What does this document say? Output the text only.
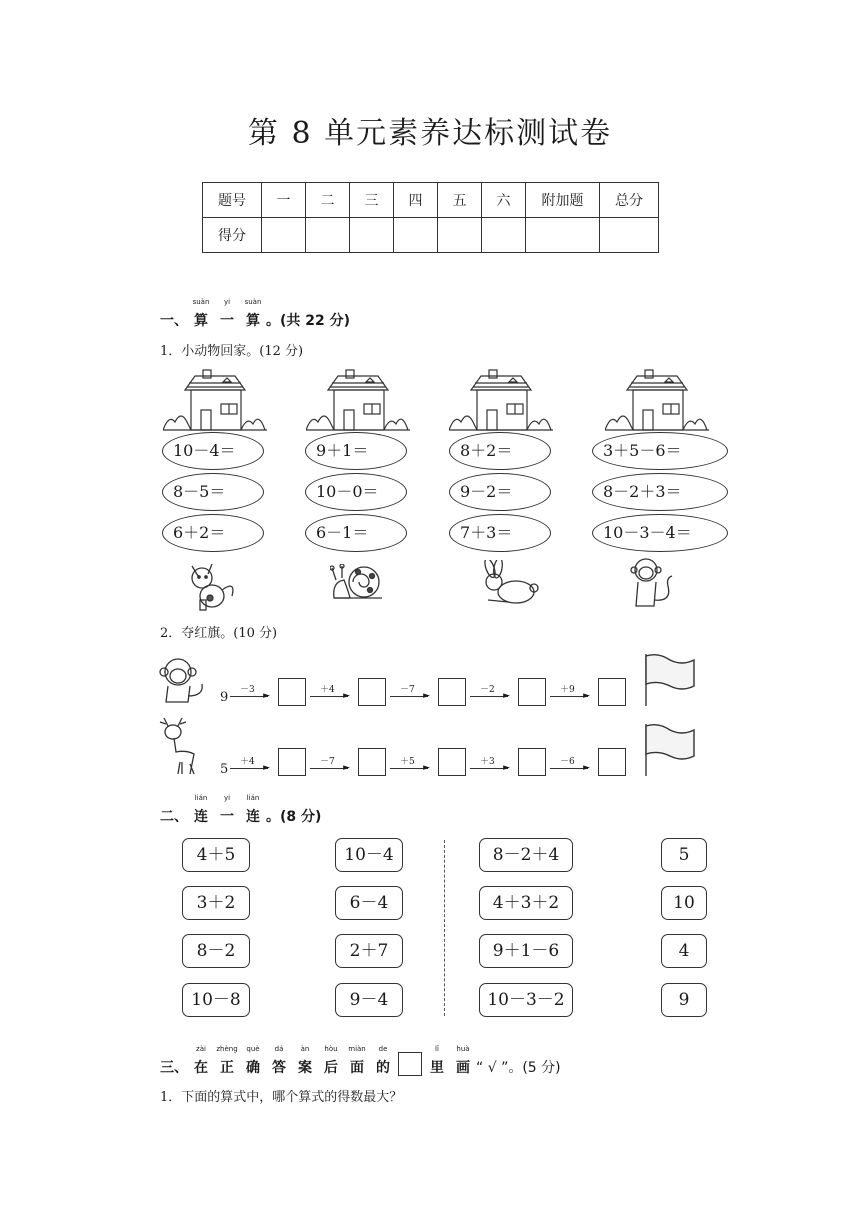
第 8 单元素养达标测试卷
题号	一	二	三	四	五	六	附加题	总分
得分								
一、
suàn
算
yi
一
suàn
算 。(共 22 分)
1．小动物回家。(12 分)
10－4＝
8－5＝
6＋2＝
9＋1＝
10－0＝
6－1＝
8＋2＝
9－2＝
7＋3＝
3＋5－6＝
8－2＋3＝
10－3－4＝
2．夺红旗。(10 分)
9 －3
►
＋4
►
－7
►
－2
►
＋9
►
5 ＋4
►
－7
►
＋5
►
＋3
►
－6
►
二、
lián
连
yi
一
lián
连 。(8 分)
4＋5
3＋2
8－2
10－8
10－4
6－4
2＋7
9－4
8－2＋4
4＋3＋2
9＋1－6
10－3－2
5
10
4
9
三、
zài
在
zhèng
正
què
确
dá
答
àn
案
hòu
后
miàn
面
de
的
lǐ
里
huà
画 “ √ ”。(5 分)
1．下面的算式中，哪个算式的得数最大？
